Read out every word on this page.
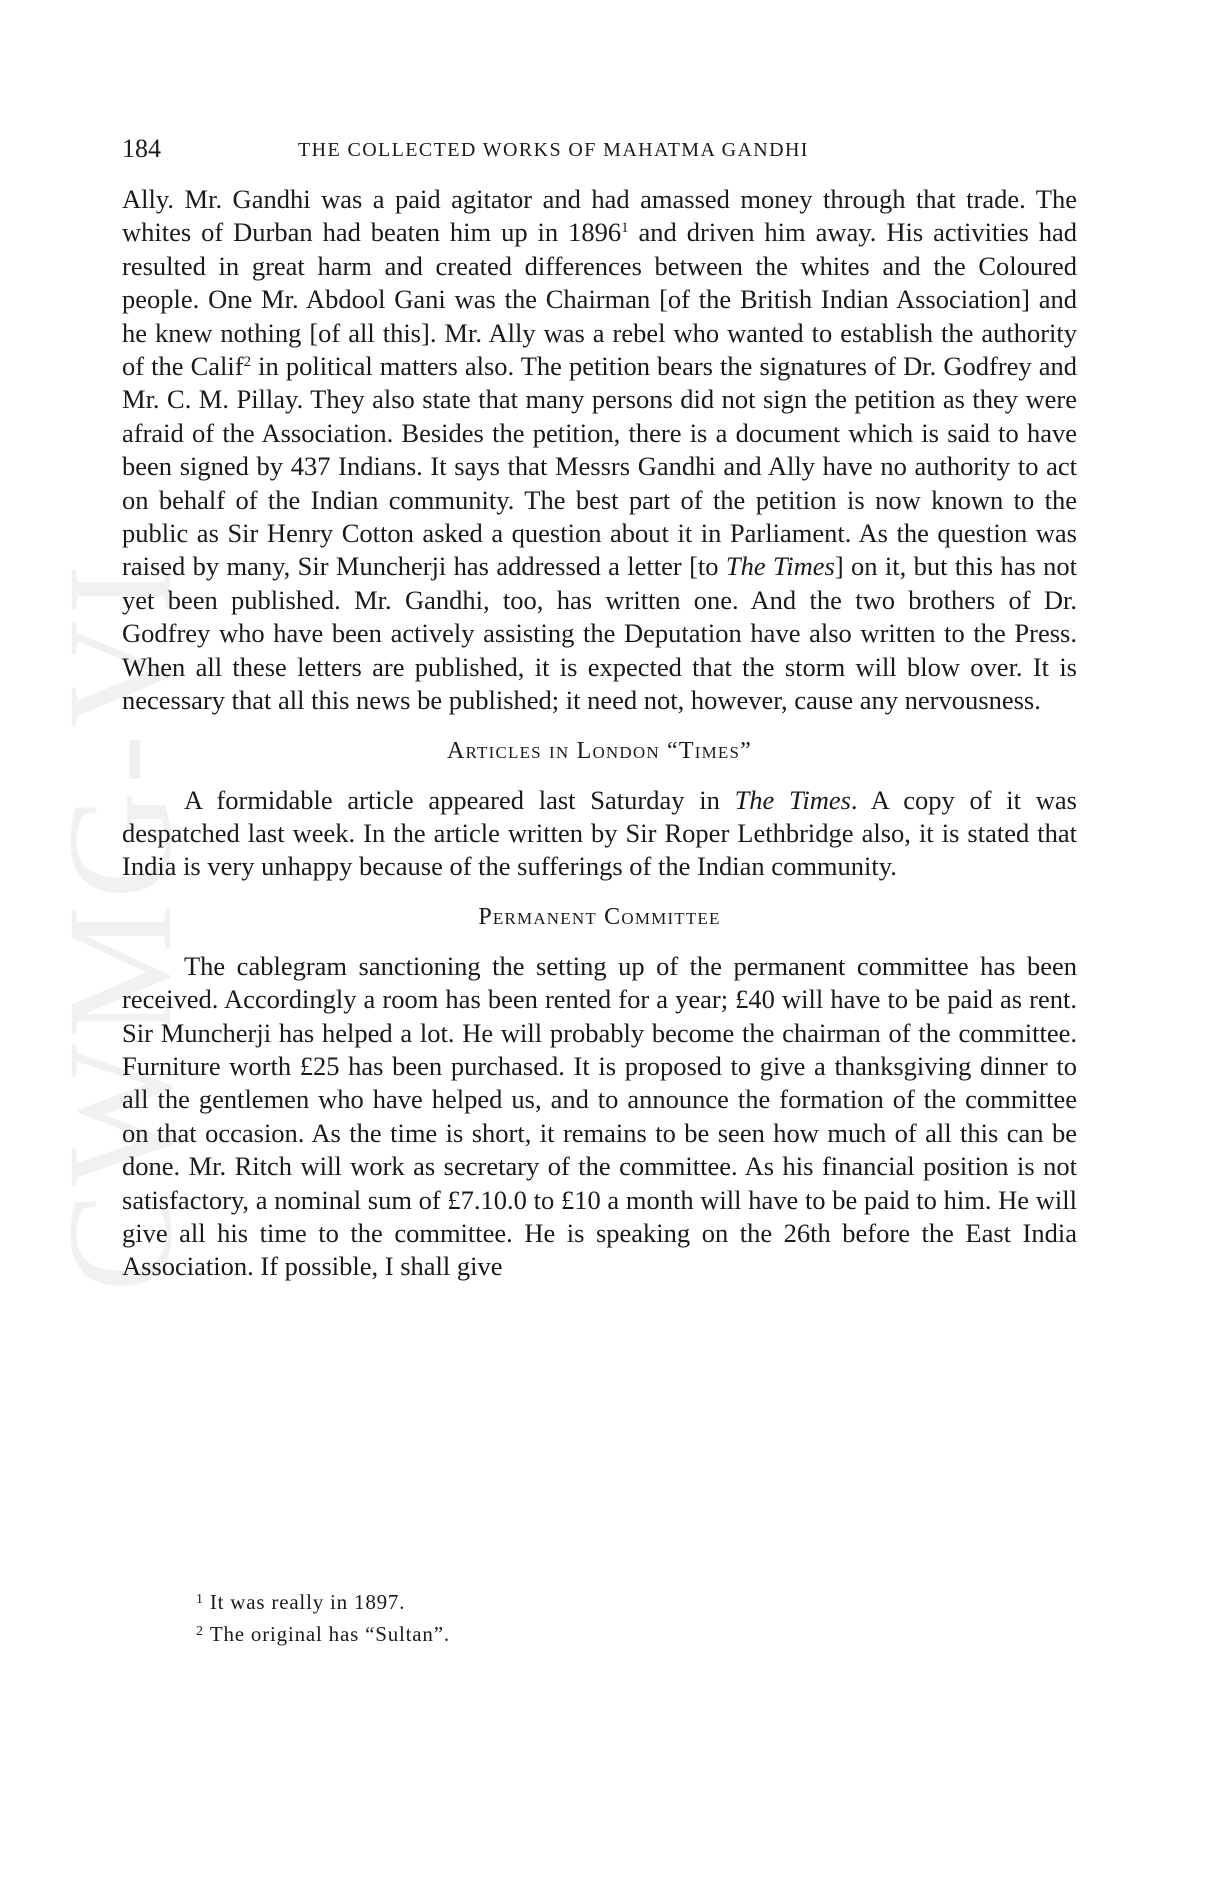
CWMG-VI
184	THE COLLECTED WORKS OF MAHATMA GANDHI

Ally. Mr. Gandhi was a paid agitator and had amassed money through that trade. The whites of Durban had beaten him up in 1896$^1$ and driven him away. His activities had resulted in great harm and created differences between the whites and the Coloured people. One Mr. Abdool Gani was the Chairman [of the British Indian Association] and he knew nothing [of all this]. Mr. Ally was a rebel who wanted to establish the authority of the Calif$^2$ in political matters also. The petition bears the signatures of Dr. Godfrey and Mr. C. M. Pillay. They also state that many persons did not sign the petition as they were afraid of the Association. Besides the petition, there is a document which is said to have been signed by 437 Indians. It says that Messrs Gandhi and Ally have no authority to act on behalf of the Indian community. The best part of the petition is now known to the public as Sir Henry Cotton asked a question about it in Parliament. As the question was raised by many, Sir Muncherji has addressed a letter [to The Times] on it, but this has not yet been published. Mr. Gandhi, too, has written one. And the two brothers of Dr. Godfrey who have been actively assisting the Deputation have also written to the Press. When all these letters are published, it is expected that the storm will blow over. It is necessary that all this news be published; it need not, however, cause any nervousness.

Articles in London “Times”

A formidable article appeared last Saturday in The Times. A copy of it was despatched last week. In the article written by Sir Roper Lethbridge also, it is stated that India is very unhappy because of the sufferings of the Indian community.

Permanent Committee

The cablegram sanctioning the setting up of the permanent committee has been received. Accordingly a room has been rented for a year; £40 will have to be paid as rent. Sir Muncherji has helped a lot. He will probably become the chairman of the committee. Furniture worth £25 has been purchased. It is proposed to give a thanksgiving dinner to all the gentlemen who have helped us, and to announce the formation of the committee on that occasion. As the time is short, it remains to be seen how much of all this can be done. Mr. Ritch will work as secretary of the committee. As his financial position is not satisfactory, a nominal sum of £7.10.0 to £10 a month will have to be paid to him. He will give all his time to the committee. He is speaking on the 26th before the East India Association. If possible, I shall give

$^1$ It was really in 1897.

$^2$ The original has “Sultan”.
